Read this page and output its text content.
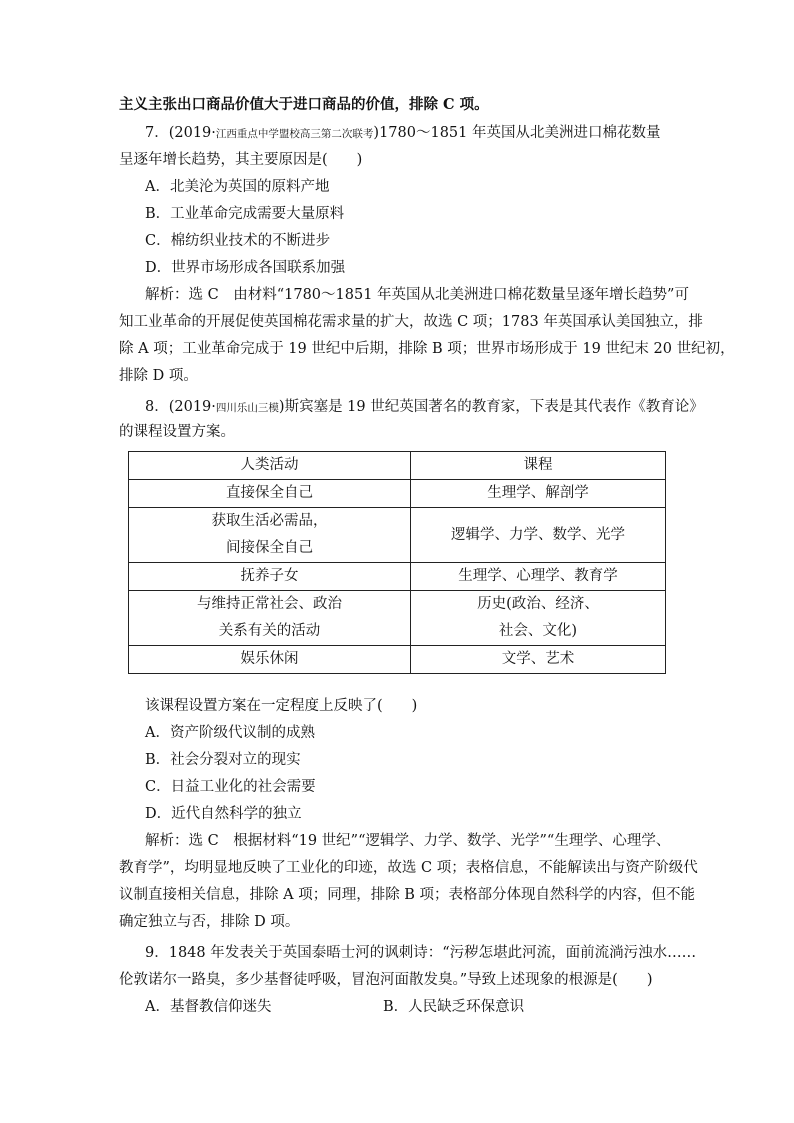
主义主张出口商品价值大于进口商品的价值，排除 C 项。
7．(2019·江西重点中学盟校高三第二次联考)1780～1851 年英国从北美洲进口棉花数量
呈逐年增长趋势，其主要原因是(　　)
A．北美沦为英国的原料产地
B．工业革命完成需要大量原料
C．棉纺织业技术的不断进步
D．世界市场形成各国联系加强
解析：选 C　由材料“1780～1851 年英国从北美洲进口棉花数量呈逐年增长趋势”可
知工业革命的开展促使英国棉花需求量的扩大，故选 C 项；1783 年英国承认美国独立，排
除 A 项；工业革命完成于 19 世纪中后期，排除 B 项；世界市场形成于 19 世纪末 20 世纪初，
排除 D 项。
8．(2019·四川乐山三模)斯宾塞是 19 世纪英国著名的教育家，下表是其代表作《教育论》
的课程设置方案。
人类活动	课程
直接保全自己	生理学、解剖学
获取生活必需品，
间接保全自己	逻辑学、力学、数学、光学
抚养子女	生理学、心理学、教育学
与维持正常社会、政治
关系有关的活动	历史(政治、经济、
社会、文化)
娱乐休闲	文学、艺术
该课程设置方案在一定程度上反映了(　　)
A．资产阶级代议制的成熟
B．社会分裂对立的现实
C．日益工业化的社会需要
D．近代自然科学的独立
解析：选 C　根据材料“19 世纪”“逻辑学、力学、数学、光学”“生理学、心理学、
教育学”，均明显地反映了工业化的印迹，故选 C 项；表格信息，不能解读出与资产阶级代
议制直接相关信息，排除 A 项；同理，排除 B 项；表格部分体现自然科学的内容，但不能
确定独立与否，排除 D 项。
9．1848 年发表关于英国泰晤士河的讽刺诗：“污秽怎堪此河流，面前流淌污浊水……
伦敦诺尔一路臭，多少基督徒呼吸，冒泡河面散发臭。”导致上述现象的根源是(　　)
A．基督教信仰迷失	B．人民缺乏环保意识
